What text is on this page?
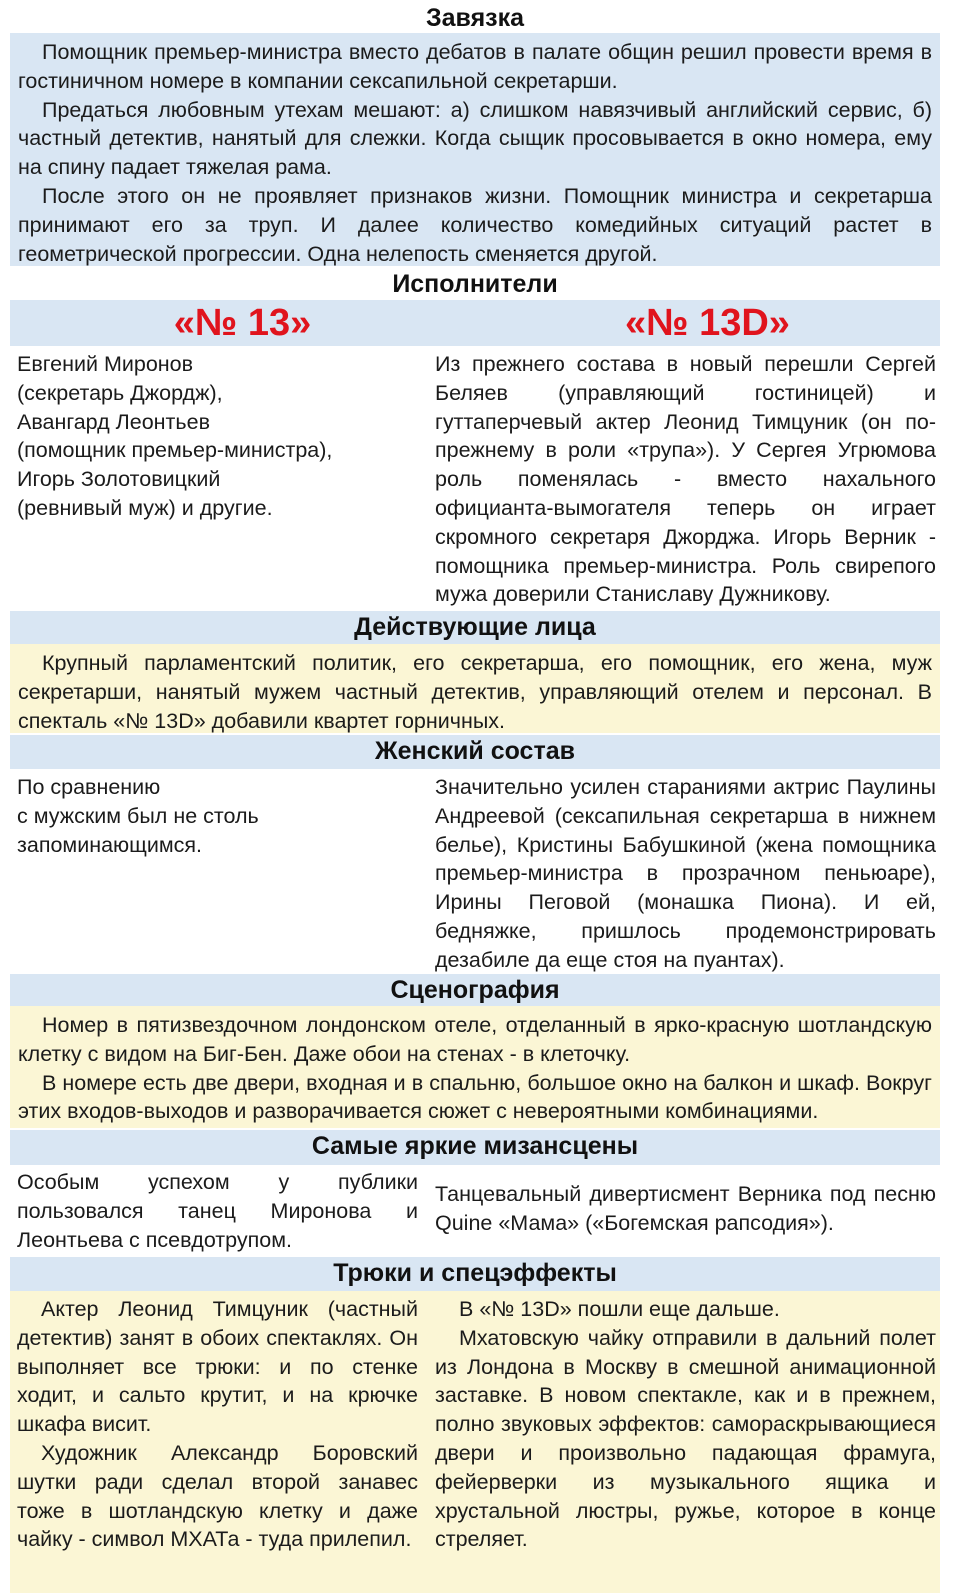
Завязка

Помощник премьер-министра вместо дебатов в палате общин решил провести время в гостиничном номере в компании сексапильной секретарши.

Предаться любовным утехам мешают: а) слишком навязчивый английский сервис, б) частный детектив, нанятый для слежки. Когда сыщик просовывается в окно номера, ему на спину падает тяжелая рама.

После этого он не проявляет признаков жизни. Помощник министра и секретарша принимают его за труп. И далее количество комедийных ситуаций растет в геометрической прогрессии. Одна нелепость сменяется другой.

Исполнители
«№ 13»	«№ 13D»

Евгений Миронов

(секретарь Джордж),

Авангард Леонтьев

(помощник премьер-министра),

Игорь Золотовицкий

(ревнивый муж) и другие.

Из прежнего состава в новый перешли Сергей Беляев (управляющий гостиницей) и гуттаперчевый актер Леонид Тимцуник (он по-прежнему в роли «трупа»). У Сергея Угрюмова роль поменялась - вместо нахального официанта-вымогателя теперь он играет скромного секретаря Джорджа. Игорь Верник - помощника премьер-министра. Роль свирепого мужа доверили Станиславу Дужникову.

Действующие лица

Крупный парламентский политик, его секретарша, его помощник, его жена, муж секретарши, нанятый мужем частный детектив, управляющий отелем и персонал. В спекталь «№ 13D» добавили квартет горничных.

Женский состав

По сравнению

с мужским был не столь

запоминающимся.

Значительно усилен стараниями актрис Паулины Андреевой (сексапильная секретарша в нижнем белье), Кристины Бабушкиной (жена помощника премьер-министра в прозрачном пеньюаре), Ирины Пеговой (монашка Пиона). И ей, бедняжке, пришлось продемонстрировать дезабиле да еще стоя на пуантах).

Сценография

Номер в пятизвездочном лондонском отеле, отделанный в ярко-красную шотландскую клетку с видом на Биг-Бен. Даже обои на стенах - в клеточку.

В номере есть две двери, входная и в спальню, большое окно на балкон и шкаф. Вокруг этих входов-выходов и разворачивается сюжет с невероятными комбинациями.

Самые яркие мизансцены

Особым успехом у публики пользовался танец Миронова и Леонтьева с псевдотрупом.

Танцевальный дивертисмент Верника под песню Quine «Мама» («Богемская рапсодия»).

Трюки и спецэффекты

Актер Леонид Тимцуник (частный детектив) занят в обоих спектаклях. Он выполняет все трюки: и по стенке ходит, и сальто крутит, и на крючке шкафа висит.

Художник Александр Боровский шутки ради сделал второй занавес тоже в шотландскую клетку и даже чайку - символ МХАТа - туда прилепил.

В «№ 13D» пошли еще дальше.

Мхатовскую чайку отправили в дальний полет из Лондона в Москву в смешной анимационной заставке. В новом спектакле, как и в прежнем, полно звуковых эффектов: самораскрывающиеся двери и произвольно падающая фрамуга, фейерверки из музыкального ящика и хрустальной люстры, ружье, которое в конце стреляет.
